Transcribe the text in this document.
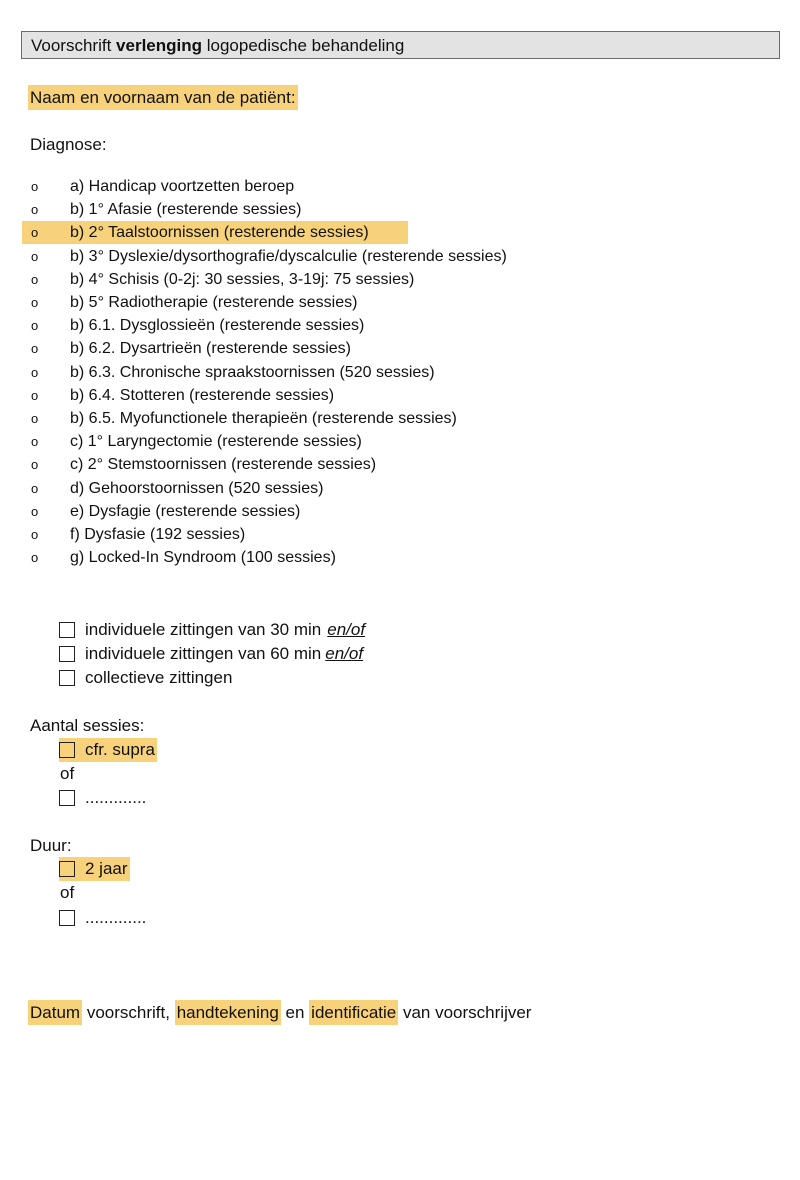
Voorschrift verlenging logopedische behandeling
Naam en voornaam van de patiënt:
Diagnose:
o a) Handicap voortzetten beroep
o b) 1° Afasie (resterende sessies)
o b) 2° Taalstoornissen (resterende sessies)
o b) 3° Dyslexie/dysorthografie/dyscalculie (resterende sessies)
o b) 4° Schisis (0-2j: 30 sessies, 3-19j: 75 sessies)
o b) 5° Radiotherapie (resterende sessies)
o b) 6.1. Dysglossieën (resterende sessies)
o b) 6.2. Dysartrieën (resterende sessies)
o b) 6.3. Chronische spraakstoornissen (520 sessies)
o b) 6.4. Stotteren (resterende sessies)
o b) 6.5. Myofunctionele therapieën (resterende sessies)
o c) 1° Laryngectomie (resterende sessies)
o c) 2° Stemstoornissen (resterende sessies)
o d) Gehoorstoornissen (520 sessies)
o e) Dysfagie (resterende sessies)
o f) Dysfasie (192 sessies)
o g) Locked-In Syndroom (100 sessies)
individuele zittingen van 30 min en/of
individuele zittingen van 60 min en/of
collectieve zittingen
Aantal sessies:
cfr. supra
of
.............
Duur:
2 jaar
of
.............
Datum voorschrift, handtekening en identificatie van voorschrijver
